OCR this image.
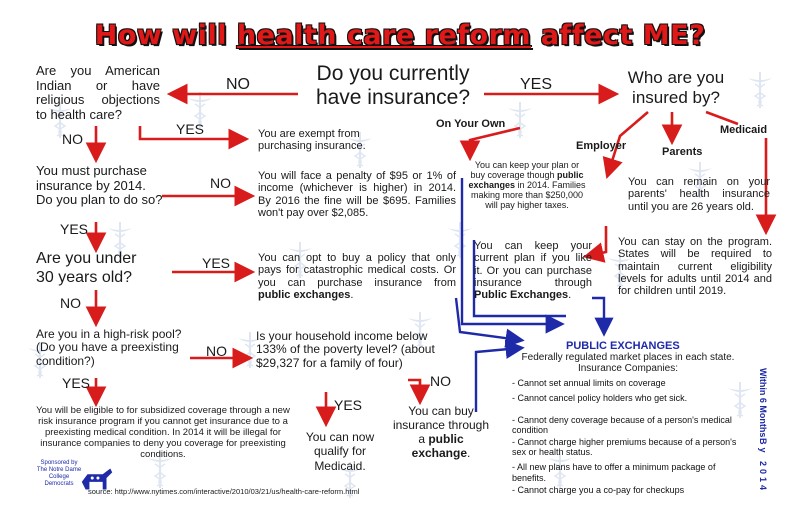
How will health care reform affect ME?
Do you currently
have insurance?
NO	YES
Are you American Indian or have religious objections to health care?
NO
YES	You are exempt from purchasing insurance.
You must purchase insurance by 2014. Do you plan to do so?
NO You will face a penalty of $95 or 1% of income (whichever is higher) in 2014. By 2016 the fine will be $695. Families won't pay over $2,085.
YES
Are you under
30 years old?
YES	You can opt to buy a policy that only pays for catastrophic medical costs. Or you can purchase insurance from public exchanges.
NO
Are you in a high-risk pool? (Do you have a preexisting condition?)
NO
Is your household income below 133% of the poverty level? (about $29,327 for a family of four)
YES
YES
NO
You will be eligible to for subsidized coverage through a new risk insurance program if you cannot get insurance due to a preexisting medical condition. In 2014 it will be illegal for insurance companies to deny you coverage for preexisting conditions.
You can now
qualify for
Medicaid.
You can buy insurance through a public exchange.
Sponsored by
The Notre Dame
College
Democrats
source: http://www.nytimes.com/interactive/2010/03/21/us/health-care-reform.html
Who are you
insured by?
On Your Own
Employer	Parents
Medicaid
You can keep your plan or buy coverage though public exchanges in 2014. Families making more than $250,000 will pay higher taxes.
You can remain on your parents' health insurance until you are 26 years old.
You can keep your current plan if you like it. Or you can purchase insurance through Public Exchanges.
You can stay on the program. States will be required to maintain current eligibility levels for adults until 2014 and for children until 2019.
PUBLIC EXCHANGES
Federally regulated market places in each state. Insurance Companies:
- Cannot set annual limits on coverage
- Cannot cancel policy holders who get sick.
- Cannot deny coverage because of a person's medical condition
- Cannot charge higher premiums because of a person's sex or health status.
- All new plans have to offer a minimum package of benefits.
- Cannot charge you a co-pay for checkups
Within 6 Months
By 2014
